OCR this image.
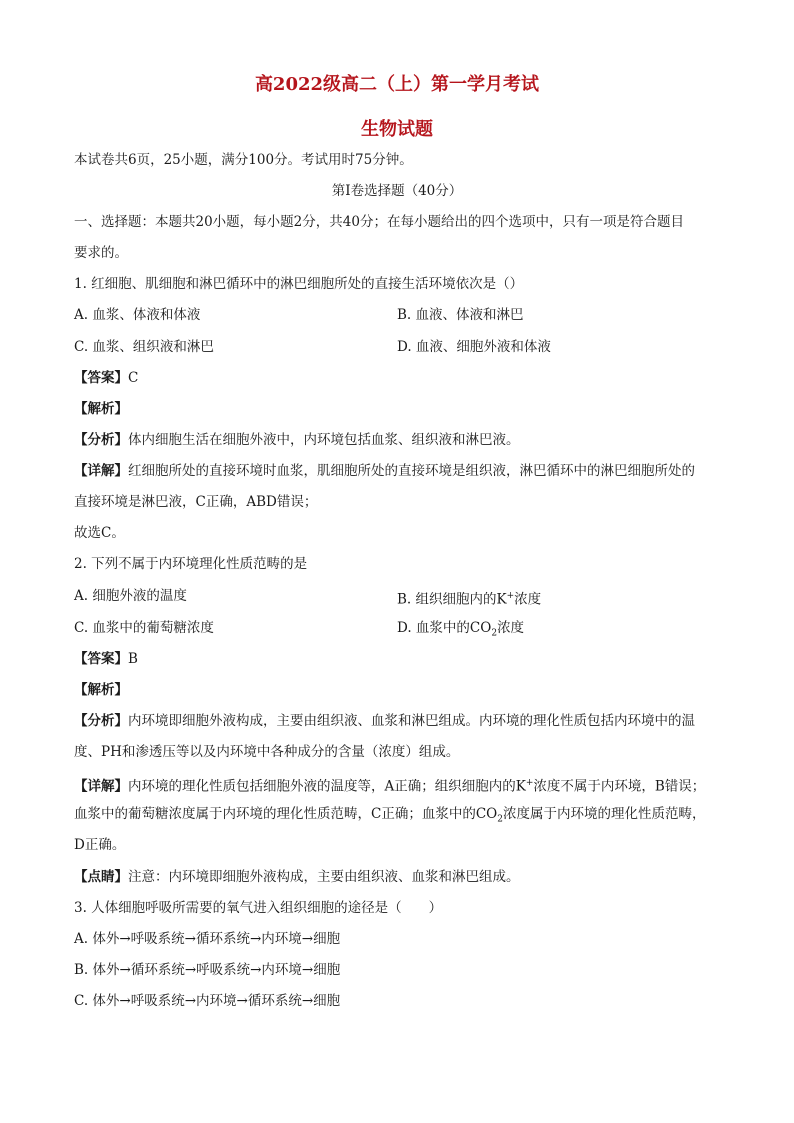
高2022级高二（上）第一学月考试
生物试题
本试卷共6页，25小题，满分100分。考试用时75分钟。
第Ⅰ卷选择题（40分）
一、选择题：本题共20小题，每小题2分，共40分；在每小题给出的四个选项中，只有一项是符合题目
要求的。
1. 红细胞、肌细胞和淋巴循环中的淋巴细胞所处的直接生活环境依次是（）
A. 血浆、体液和体液	B. 血液、体液和淋巴
C. 血浆、组织液和淋巴	D. 血液、细胞外液和体液
【答案】C
【解析】
【分析】体内细胞生活在细胞外液中，内环境包括血浆、组织液和淋巴液。
【详解】红细胞所处的直接环境时血浆，肌细胞所处的直接环境是组织液，淋巴循环中的淋巴细胞所处的
直接环境是淋巴液，C正确，ABD错误；
故选C。
2. 下列不属于内环境理化性质范畴的是
A. 细胞外液的温度	B. 组织细胞内的K+浓度
C. 血浆中的葡萄糖浓度	D. 血浆中的$CO_2$浓度
【答案】B
【解析】
【分析】内环境即细胞外液构成，主要由组织液、血浆和淋巴组成。内环境的理化性质包括内环境中的温
度、PH和渗透压等以及内环境中各种成分的含量（浓度）组成。
【详解】内环境的理化性质包括细胞外液的温度等，A正确；组织细胞内的K+浓度不属于内环境，B错误；
血浆中的葡萄糖浓度属于内环境的理化性质范畴，C正确；血浆中的$CO_2$浓度属于内环境的理化性质范畴，
D正确。
【点睛】注意：内环境即细胞外液构成，主要由组织液、血浆和淋巴组成。
3. 人体细胞呼吸所需要的氧气进入组织细胞的途径是（　　）
A. 体外→呼吸系统→循环系统→内环境→细胞
B. 体外→循环系统→呼吸系统→内环境→细胞
C. 体外→呼吸系统→内环境→循环系统→细胞
